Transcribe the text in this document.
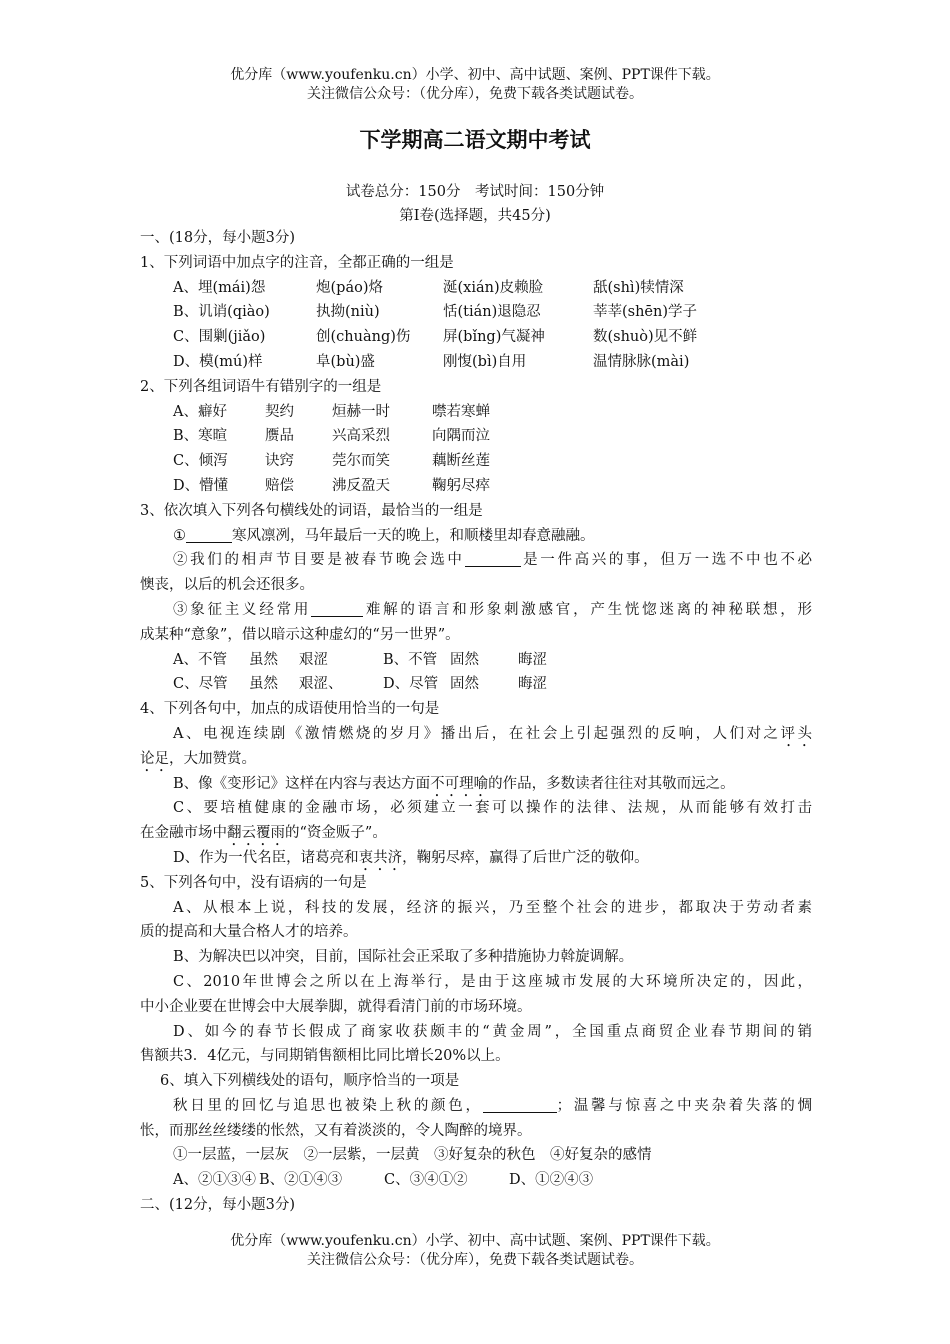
优分库（www.youfenku.cn）小学、初中、高中试题、案例、PPT课件下载。
关注微信公众号：（优分库），免费下载各类试题试卷。
下学期高二语文期中考试
试卷总分：150分　考试时间：150分钟
第Ⅰ卷(选择题，共45分)
一、(18分，每小题3分)
1、下列词语中加点字的注音，全都正确的一组是
A、埋(mái)怨	炮(páo)烙	涎(xián)皮赖脸	舐(shì)犊情深
B、讥诮(qiào)	执拗(niù)	恬(tián)退隐忍	莘莘(shēn)学子
C、围剿(jiǎo)	创(chuàng)伤 屏(bǐng)气凝神	数(shuò)见不鲜
D、模(mú)样	阜(bù)盛	刚愎(bì)自用	温情脉脉(mài)
2、下列各组词语牛有错别字的一组是
A、癖好	契约	烜赫一时	噤若寒蝉
B、寒暄	赝品	兴高采烈	向隅而泣
C、倾泻	诀窍	莞尔而笑	藕断丝莲
D、懵懂	赔偿	沸反盈天	鞠躬尽瘁
3、依次填入下列各句横线处的词语，最恰当的一组是
①	寒风凛冽，马年最后一天的晚上，和顺楼里却春意融融。
②我们的相声节目要是被春节晚会选中	是一件高兴的事，但万一选不中也不必
懊丧，以后的机会还很多。
③象征主义经常用	难解的语言和形象刺激感官，产生恍惚迷离的神秘联想，形
成某种“意象”，借以暗示这种虚幻的“另一世界”。
A、不管 虽然 艰涩	B、不管 固然	晦涩
C、尽管 虽然 艰涩、	D、尽管 固然	晦涩
4、下列各句中，加点的成语使用恰当的一句是
A、电视连续剧《激情燃烧的岁月》播出后，在社会上引起强烈的反响，人们对之评头
论足，大加赞赏。
B、像《变形记》这样在内容与表达方面不可理喻的作品，多数读者往往对其敬而远之。
C、要培植健康的金融市场，必须建立一套可以操作的法律、法规，从而能够有效打击
在金融市场中翻云覆雨的“资金贩子”。
D、作为一代名臣，诸葛亮和衷共济，鞠躬尽瘁，赢得了后世广泛的敬仰。
5、下列各句中，没有语病的一句是
A、从根本上说，科技的发展，经济的振兴，乃至整个社会的进步，都取决于劳动者素
质的提高和大量合格人才的培养。
B、为解决巴以冲突，目前，国际社会正采取了多种措施协力斡旋调解。
C、2010年世博会之所以在上海举行，是由于这座城市发展的大环境所决定的，因此，
中小企业要在世博会中大展拳脚，就得看清门前的市场环境。
D、如今的春节长假成了商家收获颇丰的“黄金周”，全国重点商贸企业春节期间的销
售额共3．4亿元，与同期销售额相比同比增长20%以上。
6、填入下列横线处的语句，顺序恰当的一项是
秋日里的回忆与追思也被染上秋的颜色，	；温馨与惊喜之中夹杂着失落的惆
怅，而那丝丝缕缕的怅然，又有着淡淡的，令人陶醉的境界。
①一层蓝，一层灰　②一层紫，一层黄　③好复杂的秋色　④好复杂的感情
A、②①③④ B、②①④③	C、③④①②	D、①②④③
二、(12分，每小题3分)
优分库（www.youfenku.cn）小学、初中、高中试题、案例、PPT课件下载。
关注微信公众号：（优分库），免费下载各类试题试卷。
